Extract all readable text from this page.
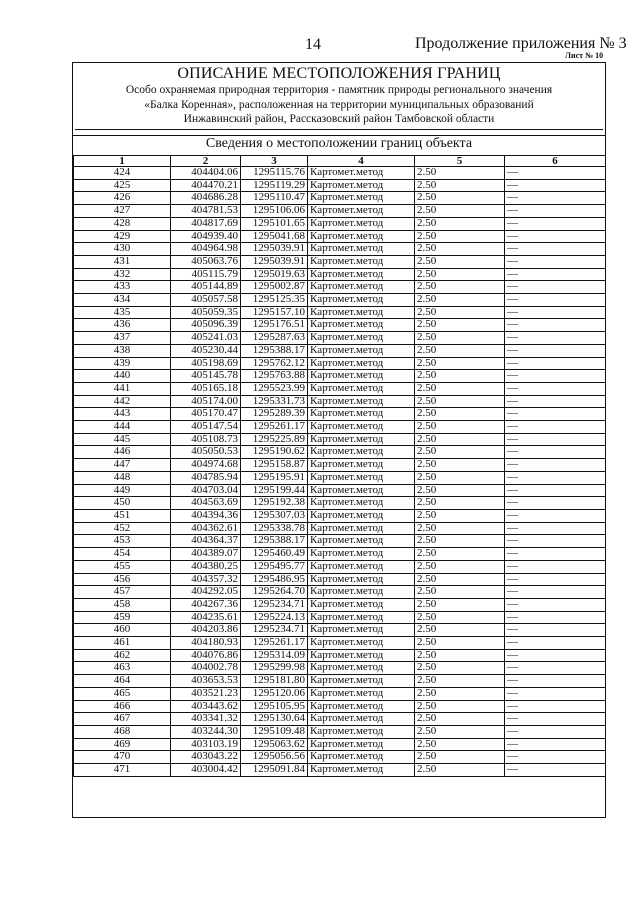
14	Продолжение приложения № 3
Лист № 10
ОПИСАНИЕ МЕСТОПОЛОЖЕНИЯ ГРАНИЦ
Особо охраняемая природная территория - памятник природы регионального значения
«Балка Коренная», расположенная на территории муниципальных образований
Инжавинский район, Рассказовский район Тамбовской области
Сведения о местоположении границ объекта
1	2	3	4	5	6
424	404404.06	1295115.76	Картомет.метод	2.50	—
425	404470.21	1295119.29	Картомет.метод	2.50	—
426	404686.28	1295110.47	Картомет.метод	2.50	—
427	404781.53	1295106.06	Картомет.метод	2.50	—
428	404817.69	1295101.65	Картомет.метод	2.50	—
429	404939.40	1295041.68	Картомет.метод	2.50	—
430	404964.98	1295039.91	Картомет.метод	2.50	—
431	405063.76	1295039.91	Картомет.метод	2.50	—
432	405115.79	1295019.63	Картомет.метод	2.50	—
433	405144.89	1295002.87	Картомет.метод	2.50	—
434	405057.58	1295125.35	Картомет.метод	2.50	—
435	405059.35	1295157.10	Картомет.метод	2.50	—
436	405096.39	1295176.51	Картомет.метод	2.50	—
437	405241.03	1295287.63	Картомет.метод	2.50	—
438	405230.44	1295388.17	Картомет.метод	2.50	—
439	405198.69	1295762.12	Картомет.метод	2.50	—
440	405145.78	1295763.88	Картомет.метод	2.50	—
441	405165.18	1295523.99	Картомет.метод	2.50	—
442	405174.00	1295331.73	Картомет.метод	2.50	—
443	405170.47	1295289.39	Картомет.метод	2.50	—
444	405147.54	1295261.17	Картомет.метод	2.50	—
445	405108.73	1295225.89	Картомет.метод	2.50	—
446	405050.53	1295190.62	Картомет.метод	2.50	—
447	404974.68	1295158.87	Картомет.метод	2.50	—
448	404785.94	1295195.91	Картомет.метод	2.50	—
449	404703.04	1295199.44	Картомет.метод	2.50	—
450	404563.69	1295192.38	Картомет.метод	2.50	—
451	404394.36	1295307.03	Картомет.метод	2.50	—
452	404362.61	1295338.78	Картомет.метод	2.50	—
453	404364.37	1295388.17	Картомет.метод	2.50	—
454	404389.07	1295460.49	Картомет.метод	2.50	—
455	404380.25	1295495.77	Картомет.метод	2.50	—
456	404357.32	1295486.95	Картомет.метод	2.50	—
457	404292.05	1295264.70	Картомет.метод	2.50	—
458	404267.36	1295234.71	Картомет.метод	2.50	—
459	404235.61	1295224.13	Картомет.метод	2.50	—
460	404203.86	1295234.71	Картомет.метод	2.50	—
461	404180.93	1295261.17	Картомет.метод	2.50	—
462	404076.86	1295314.09	Картомет.метод	2.50	—
463	404002.78	1295299.98	Картомет.метод	2.50	—
464	403653.53	1295181.80	Картомет.метод	2.50	—
465	403521.23	1295120.06	Картомет.метод	2.50	—
466	403443.62	1295105.95	Картомет.метод	2.50	—
467	403341.32	1295130.64	Картомет.метод	2.50	—
468	403244.30	1295109.48	Картомет.метод	2.50	—
469	403103.19	1295063.62	Картомет.метод	2.50	—
470	403043.22	1295056.56	Картомет.метод	2.50	—
471	403004.42	1295091.84	Картомет.метод	2.50	—
